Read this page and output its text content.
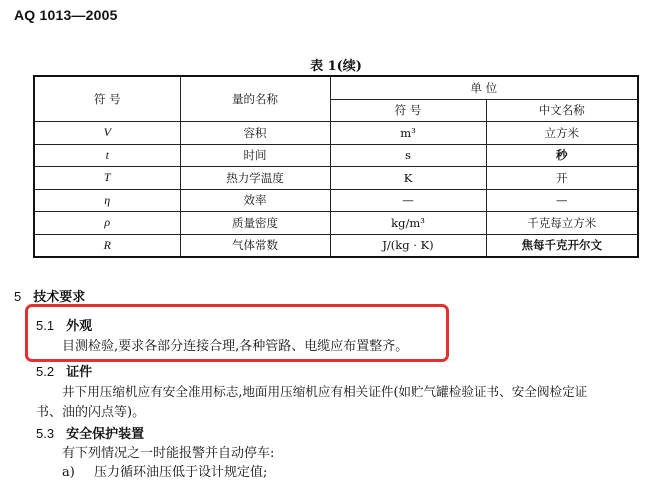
AQ 1013—2005
表 1(续)
符 号	量的名称	单 位	
		符 号	中文名称
V	容积	m³	立方米
t	时间	s	秒
T	热力学温度	K	开
η	效率	—	—
ρ	质量密度	kg/m³	千克每立方米
R	气体常数	J/(kg · K)	焦每千克开尔文
5 技术要求
5.1 外观
目测检验,要求各部分连接合理,各种管路、电缆应布置整齐。
5.2 证件
井下用压缩机应有安全准用标志,地面用压缩机应有相关证件(如贮气罐检验证书、安全阀检定证
书、油的闪点等)。
5.3 安全保护装置
有下列情况之一时能报警并自动停车:
a) 压力循环油压低于设计规定值;
